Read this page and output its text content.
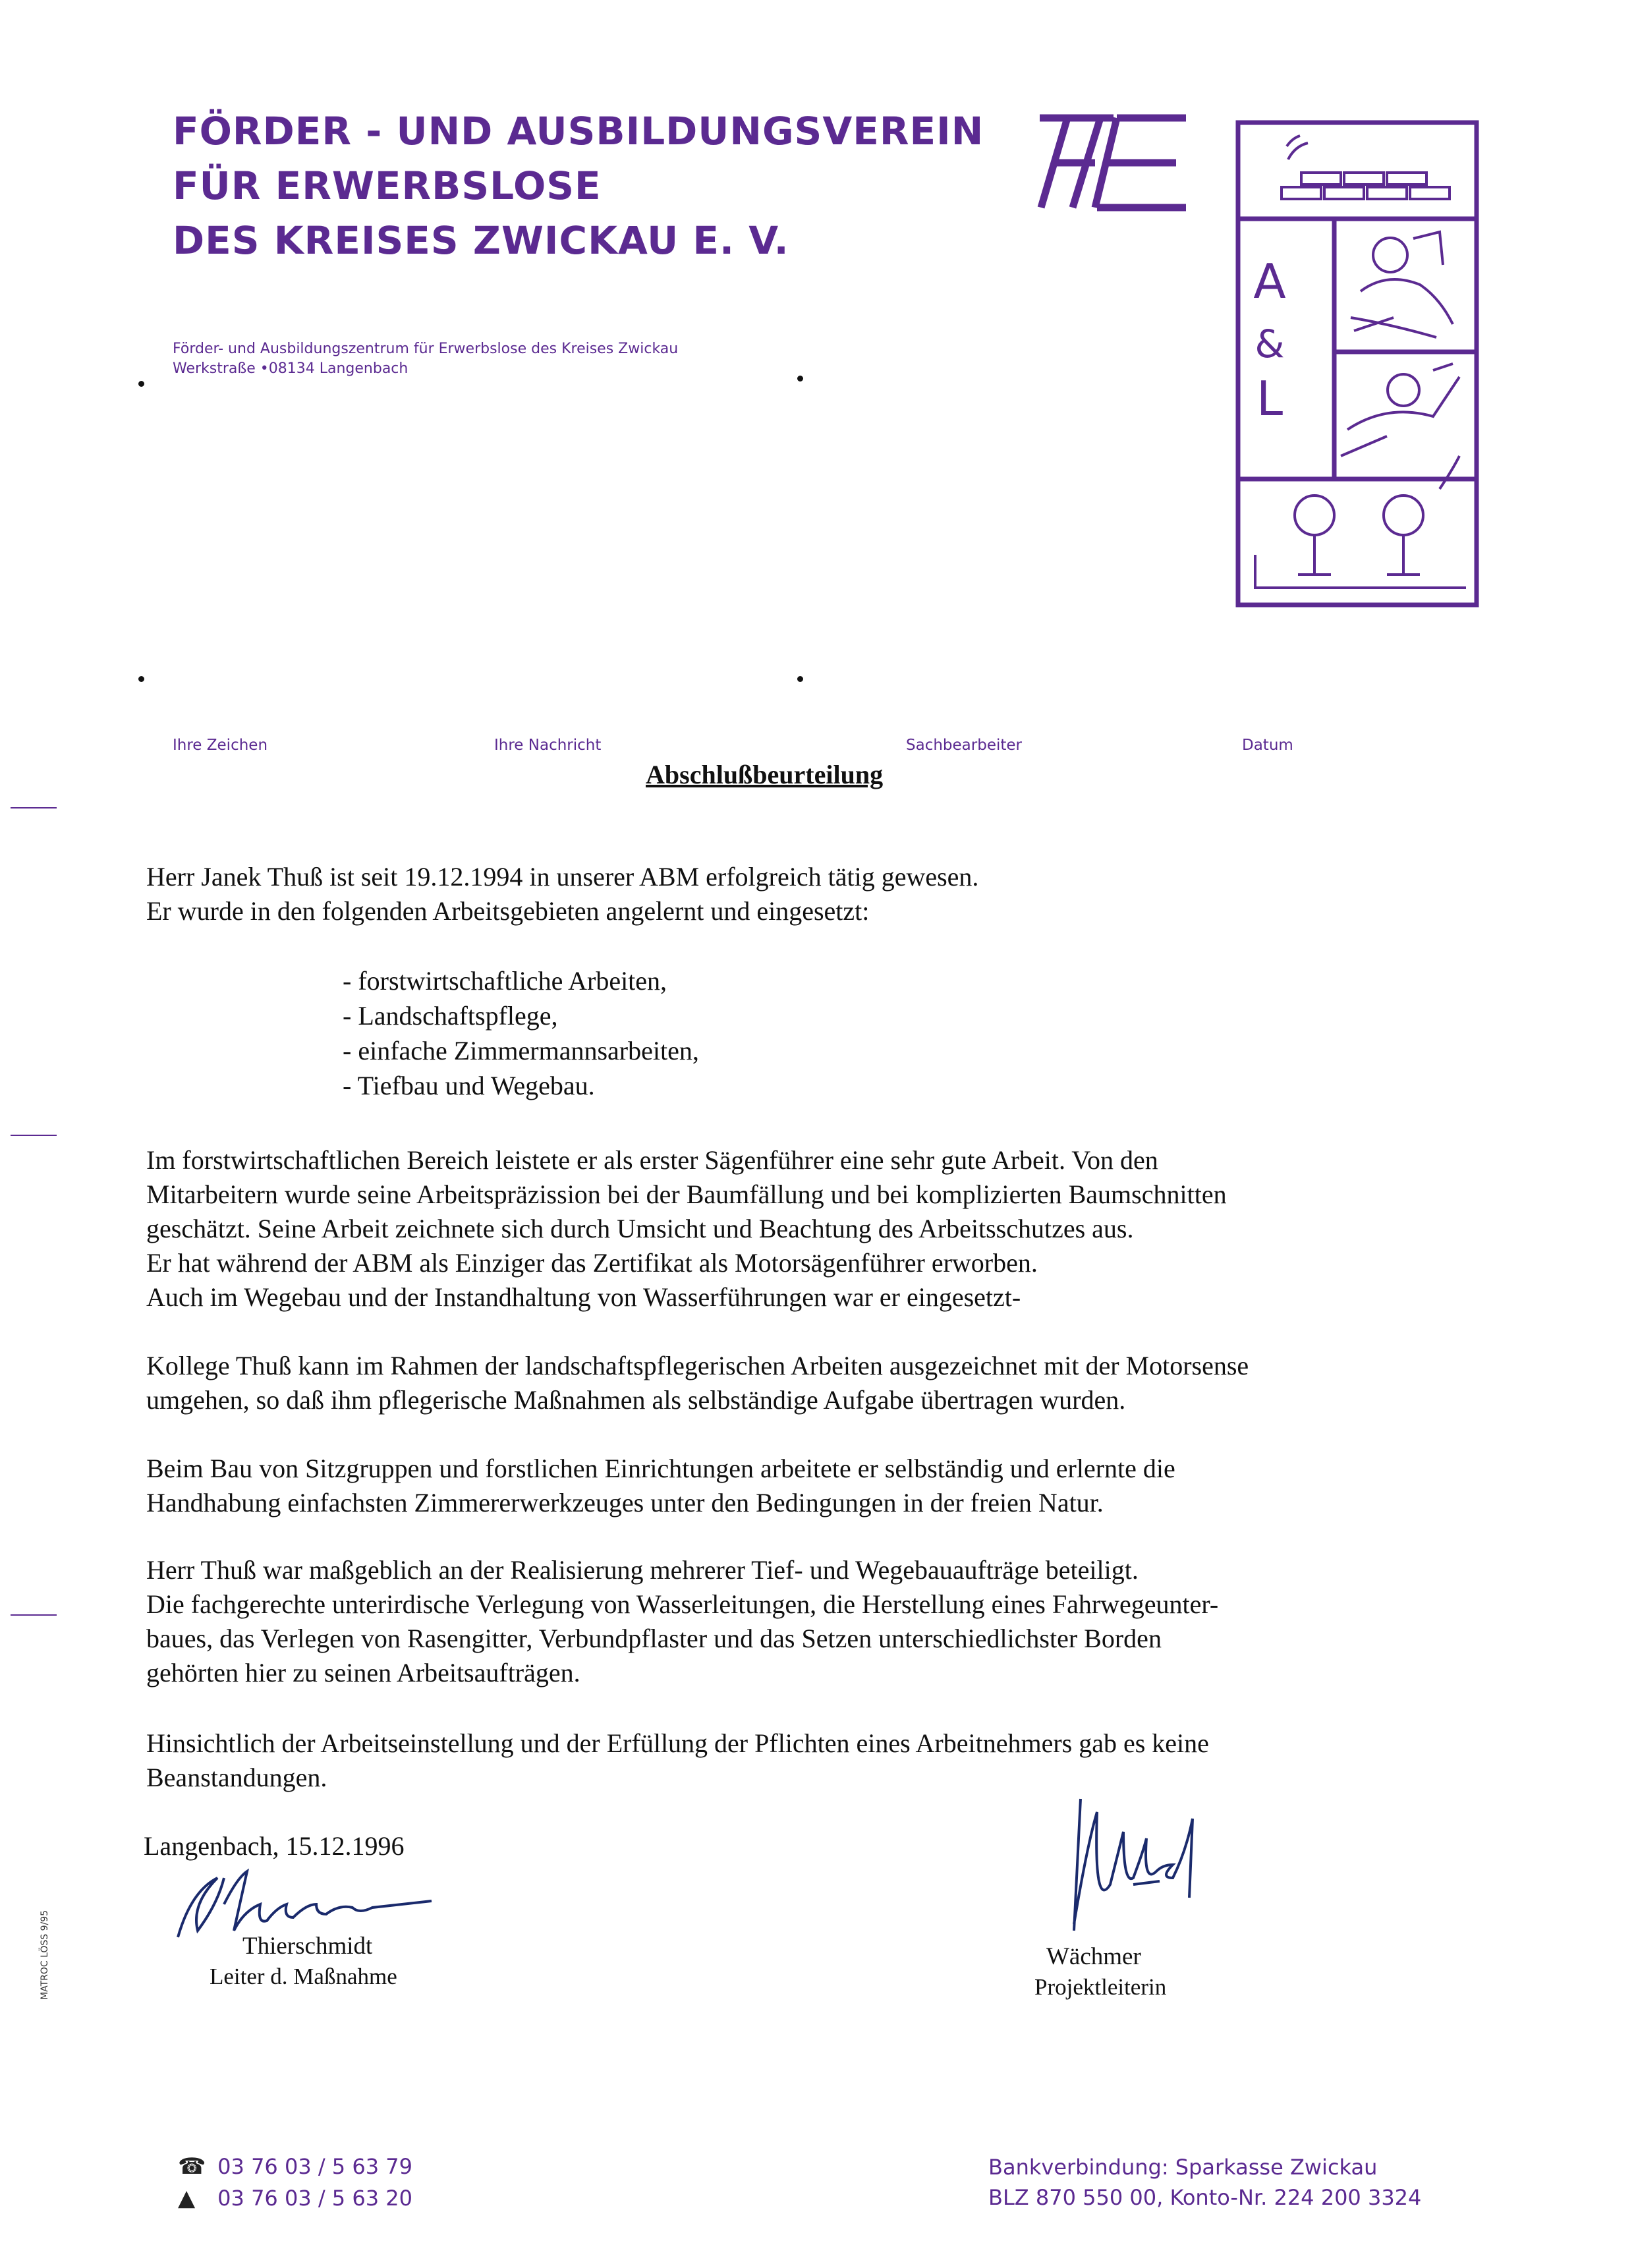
FÖRDER - UND AUSBILDUNGSVEREIN
FÜR ERWERBSLOSE
DES KREISES ZWICKAU E. V.
Förder- und Ausbildungszentrum für Erwerbslose des Kreises Zwickau
Werkstraße •08134 Langenbach
A
&
L
Ihre Zeichen	Ihre Nachricht	Sachbearbeiter	Datum
Abschlußbeurteilung
Herr Janek Thuß ist seit 19.12.1994 in unserer ABM erfolgreich tätig gewesen.
Er wurde in den folgenden Arbeitsgebieten angelernt und eingesetzt:
- forstwirtschaftliche Arbeiten,
- Landschaftspflege,
- einfache Zimmermannsarbeiten,
- Tiefbau und Wegebau.
Im forstwirtschaftlichen Bereich leistete er als erster Sägenführer eine sehr gute Arbeit. Von den
Mitarbeitern wurde seine Arbeitspräzission bei der Baumfällung und bei komplizierten Baumschnitten
geschätzt. Seine Arbeit zeichnete sich durch Umsicht und Beachtung des Arbeitsschutzes aus.
Er hat während der ABM als Einziger das Zertifikat als Motorsägenführer erworben.
Auch im Wegebau und der Instandhaltung von Wasserführungen war er eingesetzt-
Kollege Thuß kann im Rahmen der landschaftspflegerischen Arbeiten ausgezeichnet mit der Motorsense
umgehen, so daß ihm pflegerische Maßnahmen als selbständige Aufgabe übertragen wurden.
Beim Bau von Sitzgruppen und forstlichen Einrichtungen arbeitete er selbständig und erlernte die
Handhabung einfachsten Zimmererwerkzeuges unter den Bedingungen in der freien Natur.
Herr Thuß war maßgeblich an der Realisierung mehrerer Tief- und Wegebauaufträge beteiligt.
Die fachgerechte unterirdische Verlegung von Wasserleitungen, die Herstellung eines Fahrwegeunter-
baues, das Verlegen von Rasengitter, Verbundpflaster und das Setzen unterschiedlichster Borden
gehörten hier zu seinen Arbeitsaufträgen.
Hinsichtlich der Arbeitseinstellung und der Erfüllung der Pflichten eines Arbeitnehmers gab es keine
Beanstandungen.
Langenbach, 15.12.1996
Thierschmidt
Leiter d. Maßnahme
Wächmer
Projektleiterin
MATROC LÖSS 9/95
☎ 03 76 03 / 5 63 79
▲ 03 76 03 / 5 63 20
Bankverbindung: Sparkasse Zwickau
BLZ 870 550 00, Konto-Nr. 224 200 3324
